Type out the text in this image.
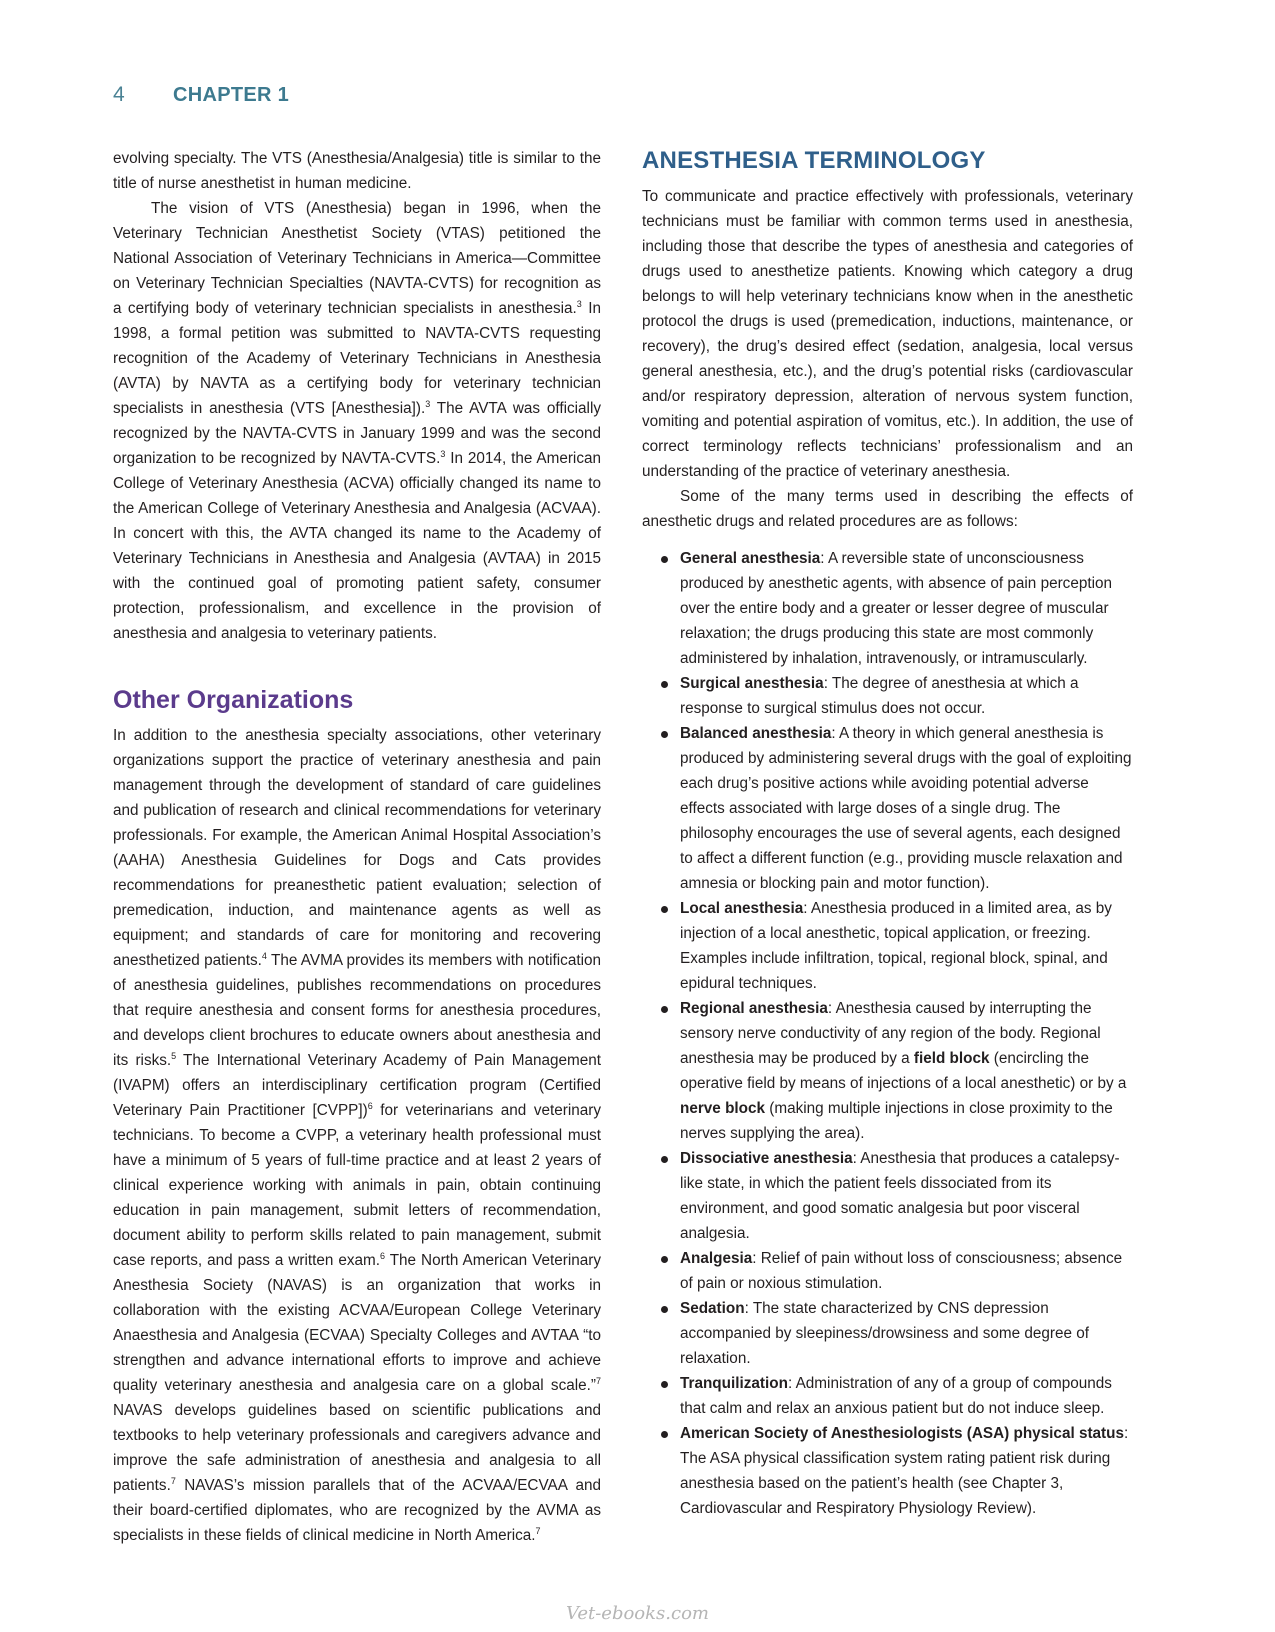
4	CHAPTER 1

evolving specialty. The VTS (Anesthesia/Analgesia) title is similar to the title of nurse anesthetist in human medicine.

The vision of VTS (Anesthesia) began in 1996, when the Veterinary Technician Anesthetist Society (VTAS) petitioned the National Association of Veterinary Technicians in America—Committee on Veterinary Technician Specialties (NAVTA-CVTS) for recognition as a certifying body of veterinary technician specialists in anesthesia.$^3$ In 1998, a formal petition was submitted to NAVTA-CVTS requesting recognition of the Academy of Veterinary Technicians in Anesthesia (AVTA) by NAVTA as a certifying body for veterinary technician specialists in anesthesia (VTS [Anesthesia]).$^3$ The AVTA was officially recognized by the NAVTA-CVTS in January 1999 and was the second organization to be recognized by NAVTA-CVTS.$^3$ In 2014, the American College of Veterinary Anesthesia (ACVA) officially changed its name to the American College of Veterinary Anesthesia and Analgesia (ACVAA). In concert with this, the AVTA changed its name to the Academy of Veterinary Technicians in Anesthesia and Analgesia (AVTAA) in 2015 with the continued goal of promoting patient safety, consumer protection, professionalism, and excellence in the provision of anesthesia and analgesia to veterinary patients.

Other Organizations

In addition to the anesthesia specialty associations, other veterinary organizations support the practice of veterinary anesthesia and pain management through the development of standard of care guidelines and publication of research and clinical recommendations for veterinary professionals. For example, the American Animal Hospital Association’s (AAHA) Anesthesia Guidelines for Dogs and Cats provides recommendations for preanesthetic patient evaluation; selection of premedication, induction, and maintenance agents as well as equipment; and standards of care for monitoring and recovering anesthetized patients.$^4$ The AVMA provides its members with notification of anesthesia guidelines, publishes recommendations on procedures that require anesthesia and consent forms for anesthesia procedures, and develops client brochures to educate owners about anesthesia and its risks.$^5$ The International Veterinary Academy of Pain Management (IVAPM) offers an interdisciplinary certification program (Certified Veterinary Pain Practitioner [CVPP])$^6$ for veterinarians and veterinary technicians. To become a CVPP, a veterinary health professional must have a minimum of 5 years of full-time practice and at least 2 years of clinical experience working with animals in pain, obtain continuing education in pain management, submit letters of recommendation, document ability to perform skills related to pain management, submit case reports, and pass a written exam.$^6$ The North American Veterinary Anesthesia Society (NAVAS) is an organization that works in collaboration with the existing ACVAA/European College Veterinary Anaesthesia and Analgesia (ECVAA) Specialty Colleges and AVTAA “to strengthen and advance international efforts to improve and achieve quality veterinary anesthesia and analgesia care on a global scale.”$^7$ NAVAS develops guidelines based on scientific publications and textbooks to help veterinary professionals and caregivers advance and improve the safe administration of anesthesia and analgesia to all patients.$^7$ NAVAS’s mission parallels that of the ACVAA/ECVAA and their board-certified diplomates, who are recognized by the AVMA as specialists in these fields of clinical medicine in North America.$^7$

ANESTHESIA TERMINOLOGY

To communicate and practice effectively with professionals, veterinary technicians must be familiar with common terms used in anesthesia, including those that describe the types of anesthesia and categories of drugs used to anesthetize patients. Knowing which category a drug belongs to will help veterinary technicians know when in the anesthetic protocol the drugs is used (premedication, inductions, maintenance, or recovery), the drug’s desired effect (sedation, analgesia, local versus general anesthesia, etc.), and the drug’s potential risks (cardiovascular and/or respiratory depression, alteration of nervous system function, vomiting and potential aspiration of vomitus, etc.). In addition, the use of correct terminology reflects technicians’ professionalism and an understanding of the practice of veterinary anesthesia.

Some of the many terms used in describing the effects of anesthetic drugs and related procedures are as follows:

General anesthesia: A reversible state of unconsciousness produced by anesthetic agents, with absence of pain perception over the entire body and a greater or lesser degree of muscular relaxation; the drugs producing this state are most commonly administered by inhalation, intravenously, or intramuscularly.
Surgical anesthesia: The degree of anesthesia at which a response to surgical stimulus does not occur.
Balanced anesthesia: A theory in which general anesthesia is produced by administering several drugs with the goal of exploiting each drug’s positive actions while avoiding potential adverse effects associated with large doses of a single drug. The philosophy encourages the use of several agents, each designed to affect a different function (e.g., providing muscle relaxation and amnesia or blocking pain and motor function).
Local anesthesia: Anesthesia produced in a limited area, as by injection of a local anesthetic, topical application, or freezing. Examples include infiltration, topical, regional block, spinal, and epidural techniques.
Regional anesthesia: Anesthesia caused by interrupting the sensory nerve conductivity of any region of the body. Regional anesthesia may be produced by a field block (encircling the operative field by means of injections of a local anesthetic) or by a nerve block (making multiple injections in close proximity to the nerves supplying the area).
Dissociative anesthesia: Anesthesia that produces a catalepsy-like state, in which the patient feels dissociated from its environment, and good somatic analgesia but poor visceral analgesia.
Analgesia: Relief of pain without loss of consciousness; absence of pain or noxious stimulation.
Sedation: The state characterized by CNS depression accompanied by sleepiness/drowsiness and some degree of relaxation.
Tranquilization: Administration of any of a group of compounds that calm and relax an anxious patient but do not induce sleep.
American Society of Anesthesiologists (ASA) physical status: The ASA physical classification system rating patient risk during anesthesia based on the patient’s health (see Chapter 3, Cardiovascular and Respiratory Physiology Review).
Vet-ebooks.com
